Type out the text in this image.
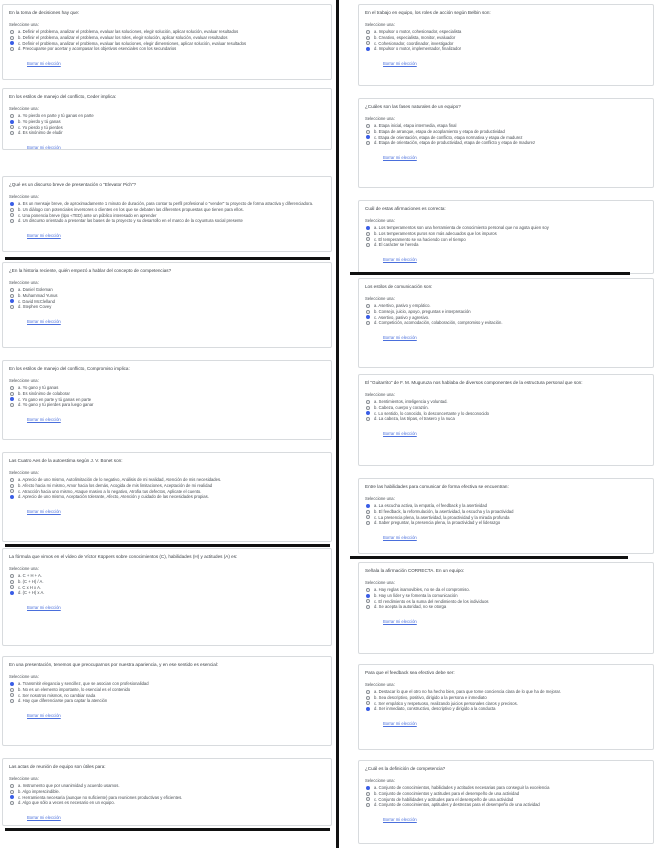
En la toma de decisiones hay que:
Seleccione una:
a. Definir el problema, analizar el problema, evaluar las soluciones, elegir solución, aplicar solución, evaluar resultados
b. Definir el problema, analizar el problema, evaluar los roles, elegir solución, aplicar solución, evaluar resultados
c. Definir el problema, analizar el problema, evaluar las soluciones, elegir dimensiones, aplicar solución, evaluar resultados
d. Preocuparse por acertar y acompasar los objetivos esenciales con los secundarios
Borrar mi elección
En los estilos de manejo del conflicto, Ceder implica:
Seleccione una:
a. Yo pierdo en parte y tú ganas en parte
b. Yo pierdo y tú ganas
c. Yo pierdo y tú pierdes
d. Es sinónimo de eludir
Borrar mi elección
¿Qué es un discurso breve de presentación o "Elevator Pich"?
Seleccione una:
a. Es un mensaje breve, de aproximadamente 1 minuto de duración, para contar tu perfil profesional o "vender" tu proyecto de forma atractiva y diferenciadora.
b. Un diálogo con potenciales inversores o clientes en los que se debaten las diferentes propuestas que tienen para ellos.
c. Una ponencia breve (tipo «TED) ante un público interesado en aprender
d. Un discurso orientado a presentar las bases de tu proyecto y su desarrollo en el marco de la coyuntura social presente
Borrar mi elección
¿En la historia reciente, quién empezó a hablar del concepto de competencias?
Seleccione una:
a. Daniel Goleman
b. Muhammad Yunus
c. David McClelland
d. Stephen Covey
Borrar mi elección
En los estilos de manejo del conflicto, Compromiso implica:
Seleccione una:
a. Yo gano y tú ganas
b. Es sinónimo de colaborar
c. Yo gano en parte y tú ganas en parte
d. Yo gano y tú pierdes para luego ganar
Borrar mi elección
Las Cuatro Aes de la autoestima según J. V. Bonet son:
Seleccione una:
a. Aprecio de uno mismo, Autolimitación de lo negativo, Análisis de mi realidad, Atención de mis necesidades.
b. Afecto hacia mi mismo, Amor hacia los demás, Acogida de mis limitaciones, Aceptación de mi realidad
c. Atracción hacia uno mismo, Ataque masivo a lo negativo, Atrofia tus defectos, Aplicate el cuento.
d. Aprecio de uno mismo, Aceptación tolerante, Afecto, Atención y cuidado de las necesidades propias.
Borrar mi elección
La fórmula que vimos en el vídeo de Víctor Küppers sobre conocimientos (C), habilidades (H) y actitudes (A) es:
Seleccione una:
a. C + H + A.
b. (C + H) / A.
c. C x H x A.
d. (C + H) x A.
Borrar mi elección
En una presentación, tenemos que preocuparnos por nuestra apariencia, y en ese sentido es esencial:
Seleccione una:
a. Transmitir elegancia y sencillez, que se asocian con profesionalidad
b. No es un elemento importante, lo esencial es el contenido
c. Ser nosotros mismos, no cambiar nada
d. Hay que diferenciarse para captar la atención
Borrar mi elección
Las actas de reunión de equipo son útiles para:
Seleccione una:
a. Instrumento que por unanimidad y acuerdo usamos.
b. Algo imprescindible.
c. Herramienta necesaria (aunque no suficiente) para reuniones productivas y eficientes.
d. Algo que sólo a veces es necesario en un equipo.
Borrar mi elección
En el trabajo en equipo, los roles de acción según Belbin son:
Seleccione una:
a. Impulsor o motor, cohesionador, especialista
b. Creativo, especialista, monitor, evaluador
c. Cohesionador, coordinador, investigador
d. Impulsor o motor, implementador, finalizador
Borrar mi elección
¿Cuáles son las fases naturales de un equipo?
Seleccione una:
a. Etapa inicial, etapa intermedia, etapa final
b. Etapa de arranque, etapa de acoplamiento y etapa de productividad
c. Etapa de orientación, etapa de conflicto, etapa normativa y etapa de madurez
d. Etapa de orientación, etapa de productividad, etapa de conflicto y etapa de madurez
Borrar mi elección
Cuál de estas afirmaciones es correcta:
Seleccione una:
a. Los temperamentos son una herramienta de conocimiento personal que no agota quien soy
b. Los temperamentos puros son más adecuados que los impuros
c. El temperamento se va haciendo con el tiempo
d. El carácter se hereda
Borrar mi elección
Los estilos de comunicación son:
Seleccione una:
a. Asertivo, pasivo y empático.
b. Consejo, juicio, apoyo, preguntas e interpretación
c. Asertivo, pasivo y agresivo.
d. Competición, acomodación, colaboración, compromiso y evitación.
Borrar mi elección
El "Guitarrito" de F. M. Muguruza nos hablaba de diversos componentes de la estructura personal que son:
Seleccione una:
a. Sentimientos, inteligencia y voluntad.
b. Cabeza, cuerpo y corazón.
c. Lo sentido, lo conocido, lo desconcertante y lo desconocido
d. La cabeza, las tripas, el traserо y la nuca
Borrar mi elección
Entre las habilidades para comunicar de forma efectiva se encuentran:
Seleccione una:
a. La escucha activa, la empatía, el feedback y la asertividad
b. El feedback, la reformulación, la asertividad, la escucha y la proactividad
c. La presencia plena, la asertividad, la proactividad y la mirada profunda
d. Saber preguntar, la presencia plena, la proactividad y el liderazgo
Borrar mi elección
Señala la afirmación CORRECTA. En un equipo:
Seleccione una:
a. Hay reglas inamovibles, no se da el compromiso.
b. Hay un líder y se fomenta la comunicación
c. El rendimiento es la suma del rendimiento de los individuos
d. Se acepta la autoridad, no se otorga
Borrar mi elección
Para que el feedback sea efectivo debe ser:
Seleccione una:
a. Destacar lo que el otro no ha hecho bien, para que tome conciencia clara de lo que ha de mejorar.
b. Sea descriptivo, positivo, dirigido a la persona e inmediato
c. Ser empático y respetuoso, realizando juicios personales claros y precisos.
d. Ser inmediato, constructivo, descriptivo y dirigido a la conducta
Borrar mi elección
¿Cuál es la definición de competencia?
Seleccione una:
a. Conjunto de conocimientos, habilidades y actitudes necesarias para conseguir la excelencia
b. Conjunto de conocimientos y actitudes para el desempeño de una actividad
c. Conjunto de habilidades y actitudes para el desempeño de una actividad
d. Conjunto de conocimientos, aptitudes y destrezas para el desempeño de una actividad
Borrar mi elección
